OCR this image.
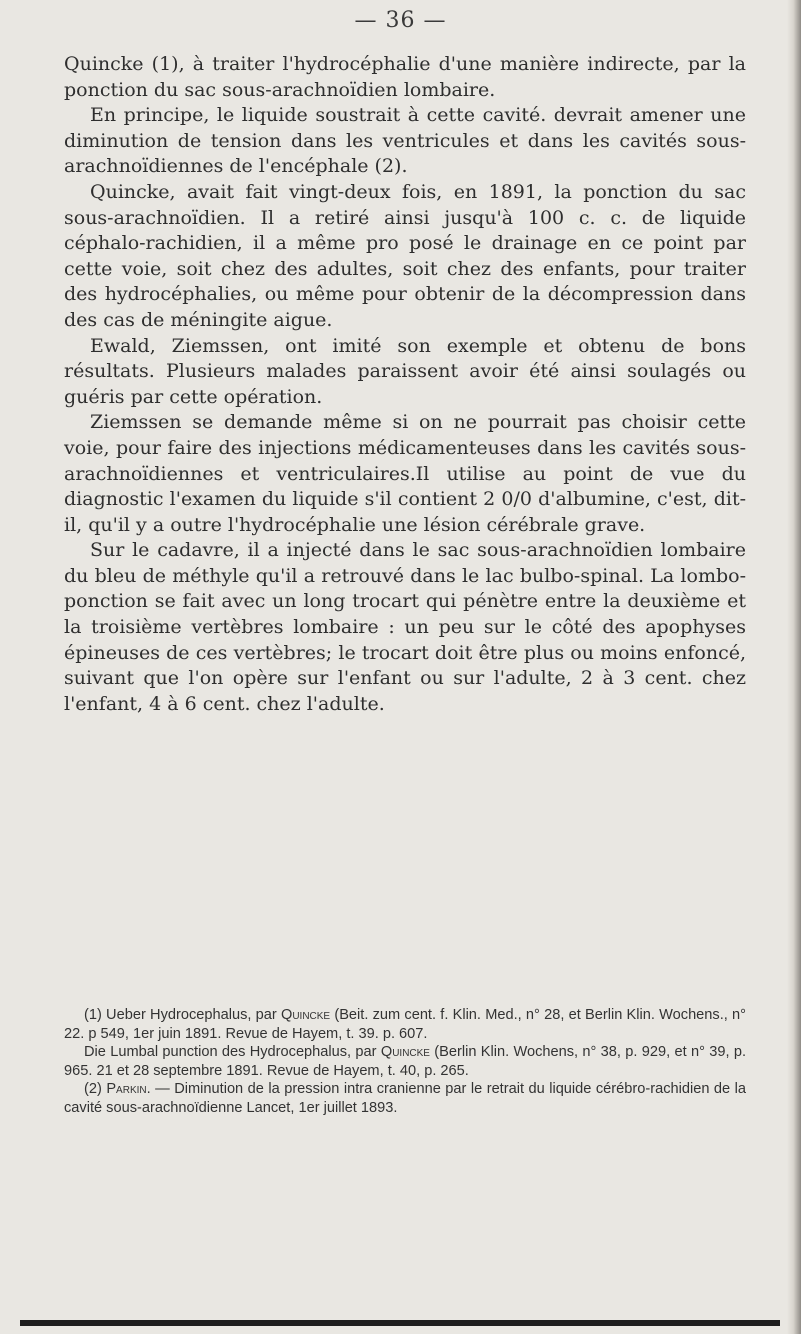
— 36 —

Quincke (1), à traiter l'hydrocéphalie d'une manière indirecte, par la ponction du sac sous-arachnoïdien lombaire.

En principe, le liquide soustrait à cette cavité. devrait amener une diminution de tension dans les ventricules et dans les cavités sous-arachnoïdiennes de l'encéphale (2).

Quincke, avait fait vingt-deux fois, en 1891, la ponction du sac sous-arachnoïdien. Il a retiré ainsi jusqu'à 100 c. c. de liquide céphalo-rachidien, il a même pro posé le drainage en ce point par cette voie, soit chez des adultes, soit chez des enfants, pour traiter des hydrocéphalies, ou même pour obtenir de la décompression dans des cas de méningite aigue.

Ewald, Ziemssen, ont imité son exemple et obtenu de bons résultats. Plusieurs malades paraissent avoir été ainsi soulagés ou guéris par cette opération.

Ziemssen se demande même si on ne pourrait pas choisir cette voie, pour faire des injections médicamenteuses dans les cavités sous-arachnoïdiennes et ventriculaires.Il utilise au point de vue du diagnostic l'examen du liquide s'il contient 2 0/0 d'albumine, c'est, dit-il, qu'il y a outre l'hydrocéphalie une lésion cérébrale grave.

Sur le cadavre, il a injecté dans le sac sous-arachnoïdien lombaire du bleu de méthyle qu'il a retrouvé dans le lac bulbo-spinal. La lombo-ponction se fait avec un long trocart qui pénètre entre la deuxième et la troisième vertèbres lombaire : un peu sur le côté des apophyses épineuses de ces vertèbres; le trocart doit être plus ou moins enfoncé, suivant que l'on opère sur l'enfant ou sur l'adulte, 2 à 3 cent. chez l'enfant, 4 à 6 cent. chez l'adulte.

(1) Ueber Hydrocephalus, par Quincke (Beit. zum cent. f. Klin. Med., n° 28, et Berlin Klin. Wochens., n° 22. p 549, 1er juin 1891. Revue de Hayem, t. 39. p. 607.

Die Lumbal punction des Hydrocephalus, par Quincke (Berlin Klin. Wochens, n° 38, p. 929, et n° 39, p. 965. 21 et 28 septembre 1891. Revue de Hayem, t. 40, p. 265.

(2) Parkin. — Diminution de la pression intra cranienne par le retrait du liquide cérébro-rachidien de la cavité sous-arachnoïdienne Lancet, 1er juillet 1893.
